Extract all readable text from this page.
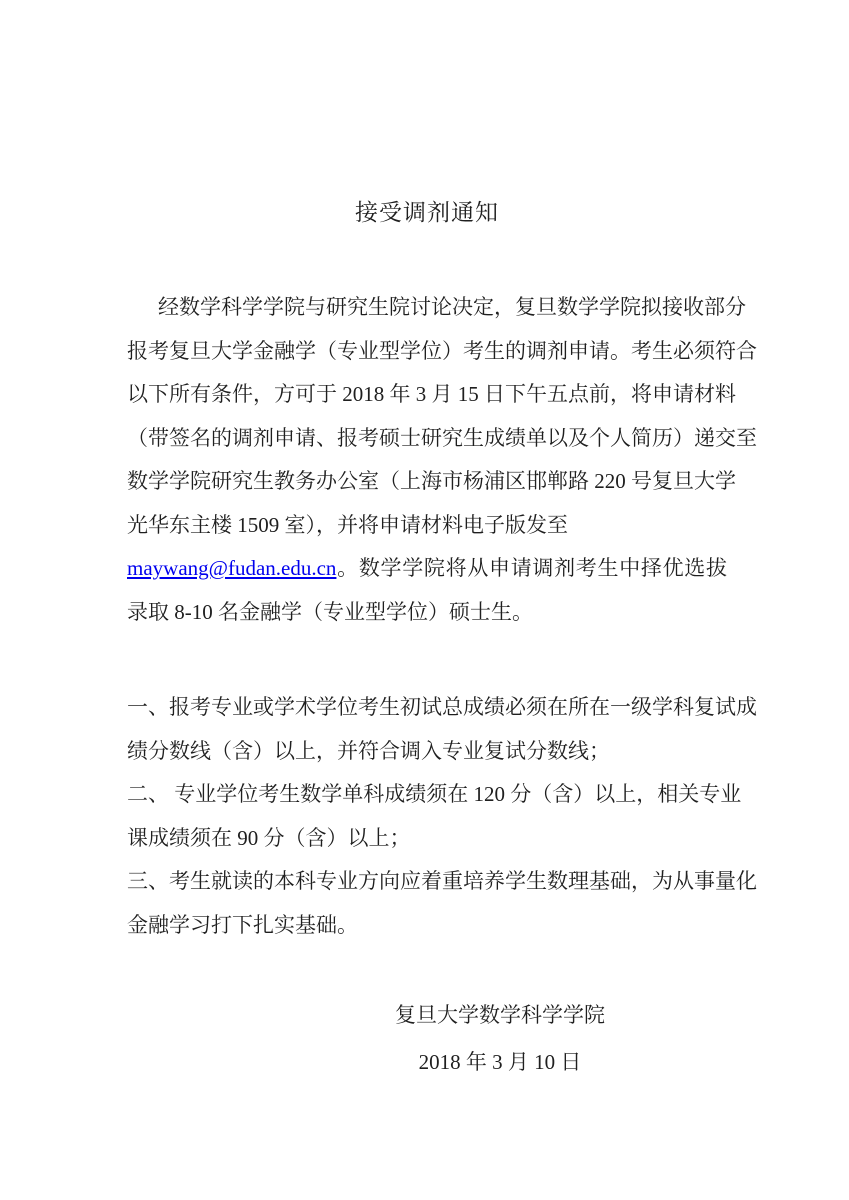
接受调剂通知
经数学科学学院与研究生院讨论决定，复旦数学学院拟接收部分
报考复旦大学金融学（专业型学位）考生的调剂申请。考生必须符合
以下所有条件，方可于 2018 年 3 月 15 日下午五点前，将申请材料
（带签名的调剂申请、报考硕士研究生成绩单以及个人简历）递交至
数学学院研究生教务办公室（上海市杨浦区邯郸路 220 号复旦大学
光华东主楼 1509 室），并将申请材料电子版发至
maywang@fudan.edu.cn。数学学院将从申请调剂考生中择优选拔
录取 8-10 名金融学（专业型学位）硕士生。
一、报考专业或学术学位考生初试总成绩必须在所在一级学科复试成
绩分数线（含）以上，并符合调入专业复试分数线；
二、 专业学位考生数学单科成绩须在 120 分（含）以上，相关专业
课成绩须在 90 分（含）以上；
三、考生就读的本科专业方向应着重培养学生数理基础，为从事量化
金融学习打下扎实基础。
复旦大学数学科学学院
2018 年 3 月 10 日
